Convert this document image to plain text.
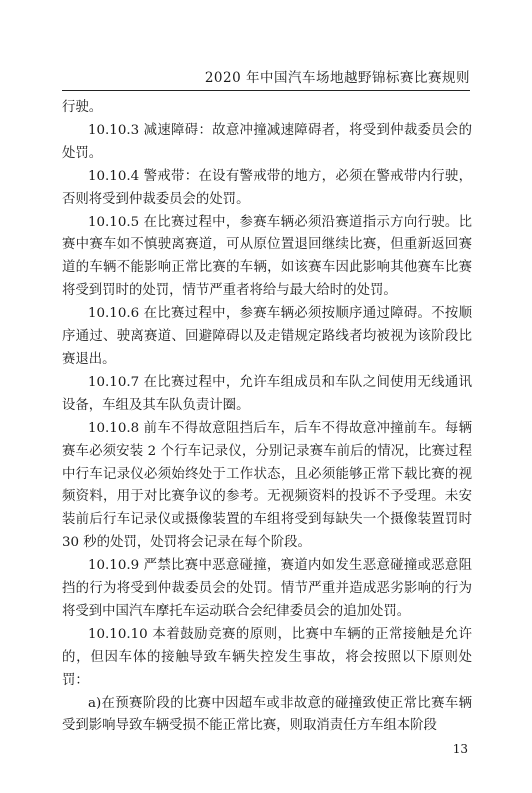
2020 年中国汽车场地越野锦标赛比赛规则

行驶。

10.10.3 减速障碍：故意冲撞减速障碍者，将受到仲裁委员会的处罚。

10.10.4 警戒带：在设有警戒带的地方，必须在警戒带内行驶，否则将受到仲裁委员会的处罚。

10.10.5 在比赛过程中，参赛车辆必须沿赛道指示方向行驶。比赛中赛车如不慎驶离赛道，可从原位置退回继续比赛，但重新返回赛道的车辆不能影响正常比赛的车辆，如该赛车因此影响其他赛车比赛将受到罚时的处罚，情节严重者将给与最大给时的处罚。

10.10.6 在比赛过程中，参赛车辆必须按顺序通过障碍。不按顺序通过、驶离赛道、回避障碍以及走错规定路线者均被视为该阶段比赛退出。

10.10.7 在比赛过程中，允许车组成员和车队之间使用无线通讯设备，车组及其车队负责计圈。

10.10.8 前车不得故意阻挡后车，后车不得故意冲撞前车。每辆赛车必须安装 2 个行车记录仪，分别记录赛车前后的情况，比赛过程中行车记录仪必须始终处于工作状态，且必须能够正常下载比赛的视频资料，用于对比赛争议的参考。无视频资料的投诉不予受理。未安装前后行车记录仪或摄像装置的车组将受到每缺失一个摄像装置罚时 30 秒的处罚，处罚将会记录在每个阶段。

10.10.9 严禁比赛中恶意碰撞，赛道内如发生恶意碰撞或恶意阻挡的行为将受到仲裁委员会的处罚。情节严重并造成恶劣影响的行为将受到中国汽车摩托车运动联合会纪律委员会的追加处罚。

10.10.10 本着鼓励竞赛的原则，比赛中车辆的正常接触是允许的，但因车体的接触导致车辆失控发生事故，将会按照以下原则处罚：

a)在预赛阶段的比赛中因超车或非故意的碰撞致使正常比赛车辆受到影响导致车辆受损不能正常比赛，则取消责任方车组本阶段

13
